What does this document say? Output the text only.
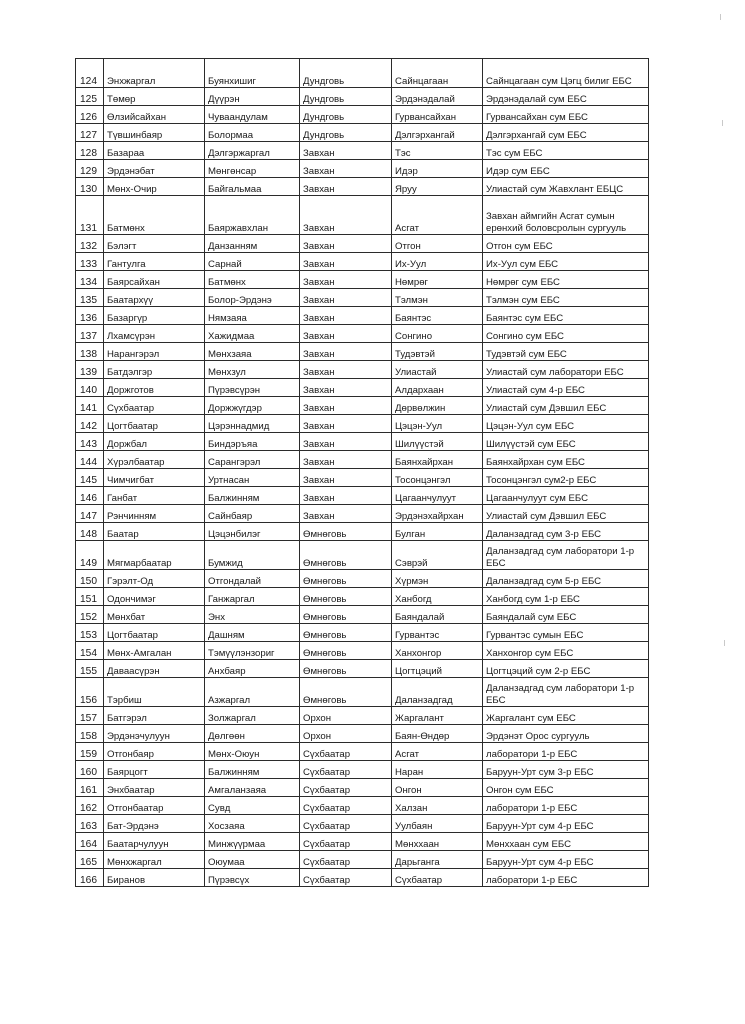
124	Энхжаргал	Буянхишиг	Дундговь	Сайнцагаан	Сайнцагаан сум Цэгц билиг ЕБС
125	Төмөр	Дүүрэн	Дундговь	Эрдэнэдалай	Эрдэнэдалай сум ЕБС
126	Өлзийсайхан	Чуваандулам	Дундговь	Гурвансайхан	Гурвансайхан сум ЕБС
127	Түвшинбаяр	Болормаа	Дундговь	Дэлгэрхангай	Дэлгэрхангай сум ЕБС
128	Базараа	Дэлгэржаргал	Завхан	Тэс	Тэс сум ЕБС
129	Эрдэнэбат	Мөнгөнсар	Завхан	Идэр	Идэр сум ЕБС
130	Мөнх-Очир	Байгальмаа	Завхан	Яруу	Улиастай сум Жавхлант ЕБЦС
131	Батмөнх	Баяржавхлан	Завхан	Асгат	Завхан аймгийн Асгат сумын ерөнхий боловсролын сургууль
132	Бэлэгт	Данзанням	Завхан	Отгон	Отгон сум ЕБС
133	Гантулга	Сарнай	Завхан	Их-Уул	Их-Уул сум ЕБС
134	Баярсайхан	Батмөнх	Завхан	Нөмрөг	Нөмрөг сум ЕБС
135	Баатархүү	Болор-Эрдэнэ	Завхан	Тэлмэн	Тэлмэн сум ЕБС
136	Базаргүр	Нямзаяа	Завхан	Баянтэс	Баянтэс сум ЕБС
137	Лхамсүрэн	Хажидмаа	Завхан	Сонгино	Сонгино сум ЕБС
138	Нарангэрэл	Мөнхзаяа	Завхан	Тудэвтэй	Тудэвтэй сум ЕБС
139	Батдэлгэр	Мөнхзул	Завхан	Улиастай	Улиастай сум лаборатори ЕБС
140	Доржготов	Пүрэвсүрэн	Завхан	Алдархаан	Улиастай сум 4-р ЕБС
141	Сүхбаатар	Доржжүгдэр	Завхан	Дөрвөлжин	Улиастай сум Дэвшил ЕБС
142	Цогтбаатар	Цэрэннадмид	Завхан	Цэцэн-Уул	Цэцэн-Уул сум ЕБС
143	Доржбал	Биндэръяа	Завхан	Шилүүстэй	Шилүүстэй сум ЕБС
144	Хүрэлбаатар	Сарангэрэл	Завхан	Баянхайрхан	Баянхайрхан сум ЕБС
145	Чимчигбат	Уртнасан	Завхан	Тосонцэнгэл	Тосонцэнгэл сум2-р ЕБС
146	Ганбат	Балжинням	Завхан	Цагаанчулуут	Цагаанчулуут сум ЕБС
147	Рэнчинням	Сайнбаяр	Завхан	Эрдэнэхайрхан	Улиастай сум Дэвшил ЕБС
148	Баатар	Цэцэнбилэг	Өмнөговь	Булган	Даланзадгад сум 3-р ЕБС
149	Мягмарбаатар	Бумжид	Өмнөговь	Сэврэй	Даланзадгад сум лаборатори 1-р ЕБС
150	Гэрэлт-Од	Отгондалай	Өмнөговь	Хүрмэн	Даланзадгад сум 5-р ЕБС
151	Одончимэг	Ганжаргал	Өмнөговь	Ханбогд	Ханбогд сум 1-р ЕБС
152	Мөнхбат	Энх	Өмнөговь	Баяндалай	Баяндалай сум ЕБС
153	Цогтбаатар	Дашням	Өмнөговь	Гурвантэс	Гурвантэс сумын ЕБС
154	Мөнх-Амгалан	Тэмүүлэнзориг	Өмнөговь	Ханхонгор	Ханхонгор сум ЕБС
155	Даваасүрэн	Анхбаяр	Өмнөговь	Цогтцэций	Цогтцэций сум 2-р ЕБС
156	Тэрбиш	Азжаргал	Өмнөговь	Даланзадгад	Даланзадгад сум лаборатори 1-р ЕБС
157	Батгэрэл	Золжаргал	Орхон	Жаргалант	Жаргалант сум ЕБС
158	Эрдэнэчулуун	Дөлгөөн	Орхон	Баян-Өндөр	Эрдэнэт Орос сургууль
159	Отгонбаяр	Мөнх-Оюун	Сүхбаатар	Асгат	лаборатори 1-р ЕБС
160	Баярцогт	Балжинням	Сүхбаатар	Наран	Баруун-Урт сум 3-р ЕБС
161	Энхбаатар	Амгаланзаяа	Сүхбаатар	Онгон	Онгон сум ЕБС
162	Отгонбаатар	Сувд	Сүхбаатар	Халзан	лаборатори 1-р ЕБС
163	Бат-Эрдэнэ	Хосзаяа	Сүхбаатар	Уулбаян	Баруун-Урт сум 4-р ЕБС
164	Баатарчулуун	Минжүүрмаа	Сүхбаатар	Мөнххаан	Мөнххаан сум ЕБС
165	Мөнхжаргал	Оюумаа	Сүхбаатар	Дарьганга	Баруун-Урт сум 4-р ЕБС
166	Биранов	Пүрэвсүх	Сүхбаатар	Сүхбаатар	лаборатори 1-р ЕБС
